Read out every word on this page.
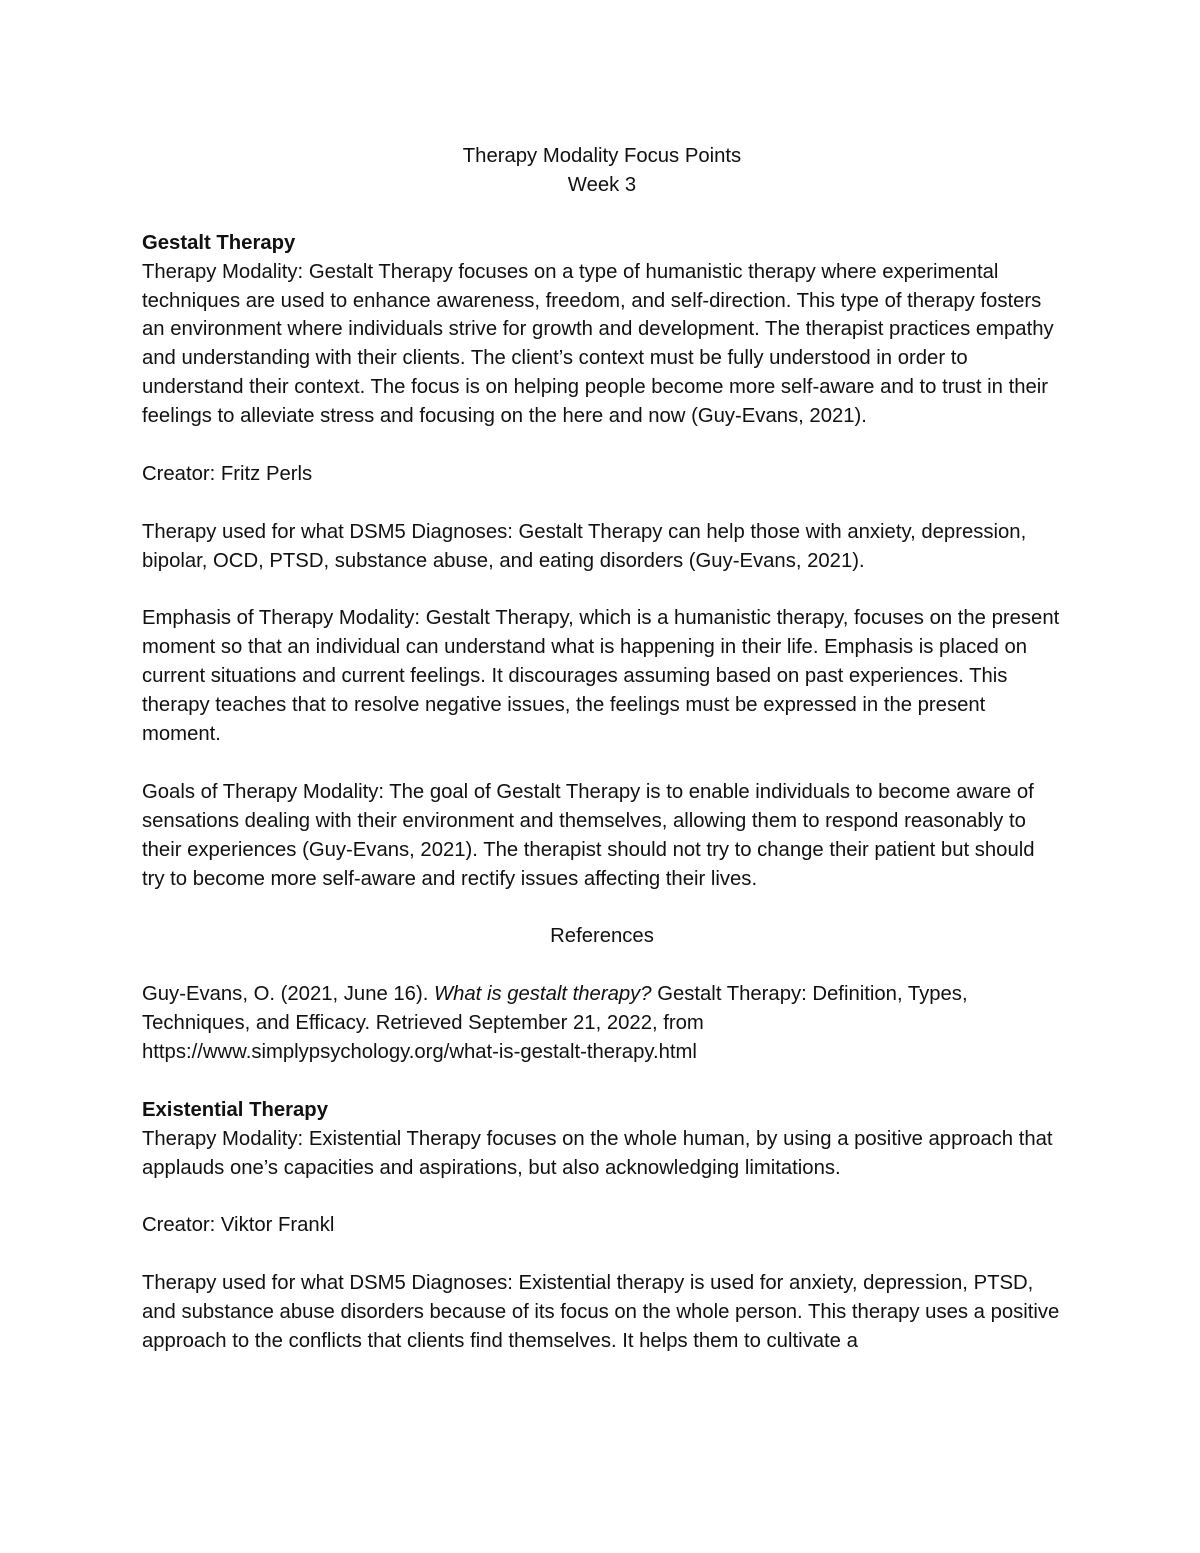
Therapy Modality Focus Points

Week 3

Gestalt Therapy

Therapy Modality: Gestalt Therapy focuses on a type of humanistic therapy where experimental techniques are used to enhance awareness, freedom, and self-direction. This type of therapy fosters an environment where individuals strive for growth and development. The therapist practices empathy and understanding with their clients. The client’s context must be fully understood in order to understand their context. The focus is on helping people become more self-aware and to trust in their feelings to alleviate stress and focusing on the here and now (Guy-Evans, 2021).

Creator: Fritz Perls

Therapy used for what DSM5 Diagnoses: Gestalt Therapy can help those with anxiety, depression, bipolar, OCD, PTSD, substance abuse, and eating disorders (Guy-Evans, 2021).

Emphasis of Therapy Modality: Gestalt Therapy, which is a humanistic therapy, focuses on the present moment so that an individual can understand what is happening in their life. Emphasis is placed on current situations and current feelings. It discourages assuming based on past experiences. This therapy teaches that to resolve negative issues, the feelings must be expressed in the present moment.

Goals of Therapy Modality: The goal of Gestalt Therapy is to enable individuals to become aware of sensations dealing with their environment and themselves, allowing them to respond reasonably to their experiences (Guy-Evans, 2021). The therapist should not try to change their patient but should try to become more self-aware and rectify issues affecting their lives.

References

Guy-Evans, O. (2021, June 16). What is gestalt therapy? Gestalt Therapy: Definition, Types, Techniques, and Efficacy. Retrieved September 21, 2022, from https://www.simplypsychology.org/what-is-gestalt-therapy.html

Existential Therapy

Therapy Modality: Existential Therapy focuses on the whole human, by using a positive approach that applauds one’s capacities and aspirations, but also acknowledging limitations.

Creator: Viktor Frankl

Therapy used for what DSM5 Diagnoses: Existential therapy is used for anxiety, depression, PTSD, and substance abuse disorders because of its focus on the whole person. This therapy uses a positive approach to the conflicts that clients find themselves. It helps them to cultivate a
